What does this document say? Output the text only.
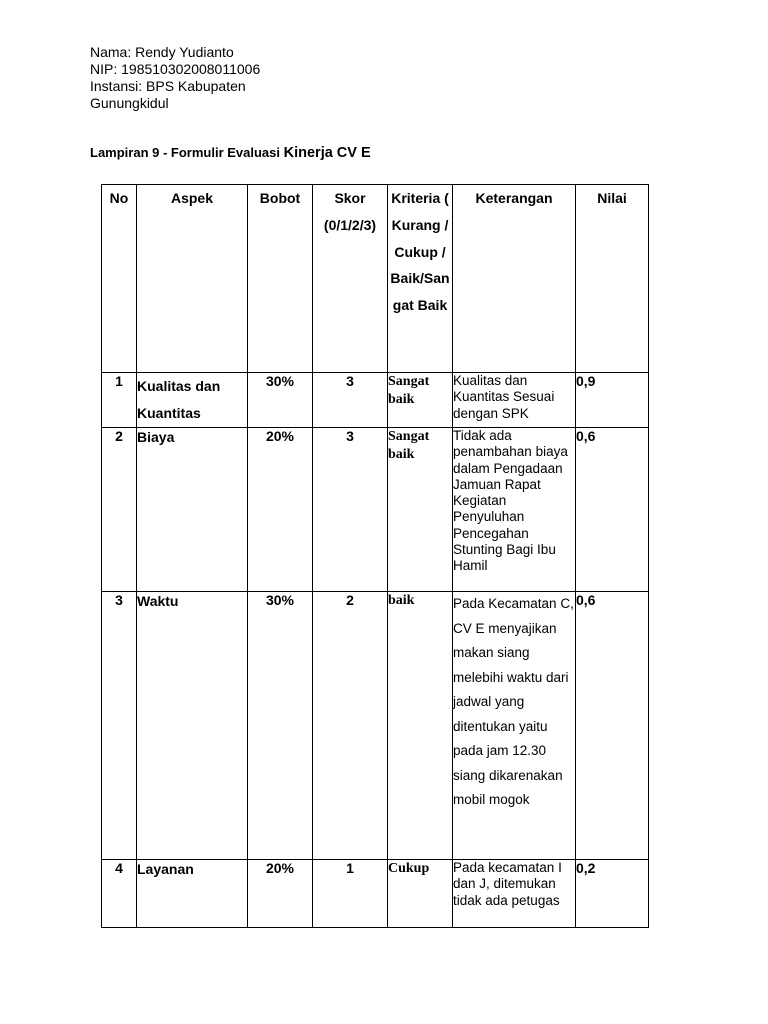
Nama: Rendy Yudianto
NIP: 198510302008011006
Instansi: BPS Kabupaten
Gunungkidul
Lampiran 9 - Formulir Evaluasi Kinerja CV E
No	Aspek	Bobot	Skor (0/1/2/3)	Kriteria ( Kurang /Cukup /Baik/Sangat Baik	Keterangan	Nilai
1	Kualitas dan Kuantitas	30%	3	Sangat baik	Kualitas dan Kuantitas Sesuai dengan SPK	0,9
2	Biaya	20%	3	Sangat baik	Tidak ada penambahan biaya dalam Pengadaan Jamuan Rapat Kegiatan Penyuluhan Pencegahan Stunting Bagi Ibu Hamil	0,6
3	Waktu	30%	2	baik	Pada Kecamatan C, CV E menyajikan makan siang melebihi waktu dari jadwal yang ditentukan yaitu pada jam 12.30 siang dikarenakan mobil mogok	0,6
4	Layanan	20%	1	Cukup	Pada kecamatan I dan J, ditemukan tidak ada petugas	0,2
